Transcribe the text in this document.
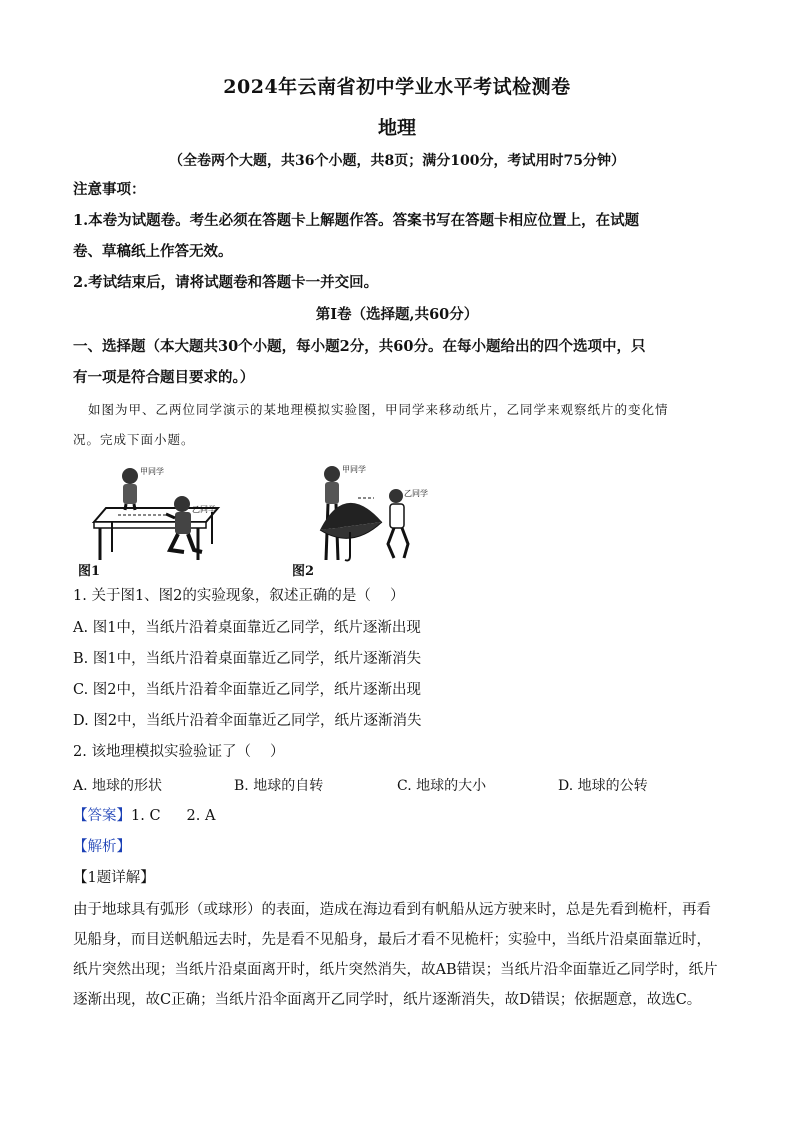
2024年云南省初中学业水平考试检测卷
地理
（全卷两个大题，共36个小题，共8页；满分100分，考试用时75分钟）
注意事项：
1.本卷为试题卷。考生必须在答题卡上解题作答。答案书写在答题卡相应位置上，在试题
卷、草稿纸上作答无效。
2.考试结束后，请将试题卷和答题卡一并交回。
第Ⅰ卷（选择题,共60分）
一、选择题（本大题共30个小题，每小题2分，共60分。在每小题给出的四个选项中，只
有一项是符合题目要求的。）
如图为甲、乙两位同学演示的某地理模拟实验图，甲同学来移动纸片，乙同学来观察纸片的变化情
况。完成下面小题。
甲同学
乙同学
图1
甲同学
乙同学
图2
1. 关于图1、图2的实验现象，叙述正确的是（　 ）
A. 图1中，当纸片沿着桌面靠近乙同学，纸片逐渐出现
B. 图1中，当纸片沿着桌面靠近乙同学，纸片逐渐消失
C. 图2中，当纸片沿着伞面靠近乙同学，纸片逐渐出现
D. 图2中，当纸片沿着伞面靠近乙同学，纸片逐渐消失
2. 该地理模拟实验验证了（　 ）
A. 地球的形状	B. 地球的自转	C. 地球的大小	D. 地球的公转
【答案】1. C 2. A
【解析】
【1题详解】
由于地球具有弧形（或球形）的表面，造成在海边看到有帆船从远方驶来时，总是先看到桅杆，再看见船身，而目送帆船远去时，先是看不见船身，最后才看不见桅杆；实验中，当纸片沿桌面靠近时，纸片突然出现；当纸片沿桌面离开时，纸片突然消失，故AB错误；当纸片沿伞面靠近乙同学时，纸片逐渐出现，故C正确；当纸片沿伞面离开乙同学时，纸片逐渐消失，故D错误；依据题意，故选C。
